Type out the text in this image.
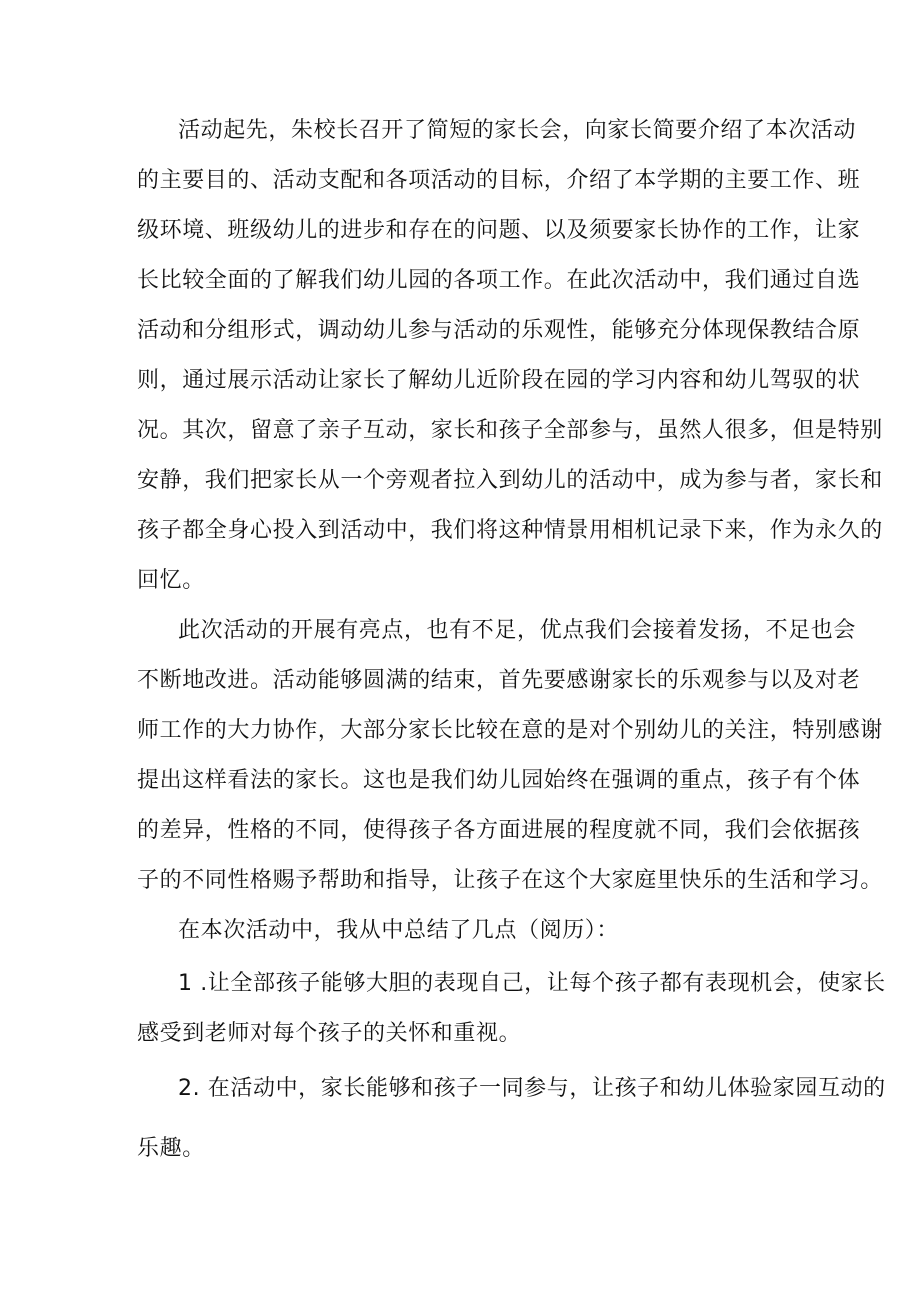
活动起先，朱校长召开了简短的家长会，向家长简要介绍了本次活动
的主要目的、活动支配和各项活动的目标，介绍了本学期的主要工作、班
级环境、班级幼儿的进步和存在的问题、以及须要家长协作的工作，让家
长比较全面的了解我们幼儿园的各项工作。在此次活动中，我们通过自选
活动和分组形式，调动幼儿参与活动的乐观性，能够充分体现保教结合原
则，通过展示活动让家长了解幼儿近阶段在园的学习内容和幼儿驾驭的状
况。其次，留意了亲子互动，家长和孩子全部参与，虽然人很多，但是特别
安静，我们把家长从一个旁观者拉入到幼儿的活动中，成为参与者，家长和
孩子都全身心投入到活动中，我们将这种情景用相机记录下来，作为永久的
回忆。
此次活动的开展有亮点，也有不足，优点我们会接着发扬，不足也会
不断地改进。活动能够圆满的结束，首先要感谢家长的乐观参与以及对老
师工作的大力协作，大部分家长比较在意的是对个别幼儿的关注，特别感谢
提出这样看法的家长。这也是我们幼儿园始终在强调的重点，孩子有个体
的差异，性格的不同，使得孩子各方面进展的程度就不同，我们会依据孩
子的不同性格赐予帮助和指导，让孩子在这个大家庭里快乐的生活和学习。
在本次活动中，我从中总结了几点（阅历）：
1 .让全部孩子能够大胆的表现自己，让每个孩子都有表现机会，使家长
感受到老师对每个孩子的关怀和重视。
2. 在活动中，家长能够和孩子一同参与，让孩子和幼儿体验家园互动的
乐趣。
